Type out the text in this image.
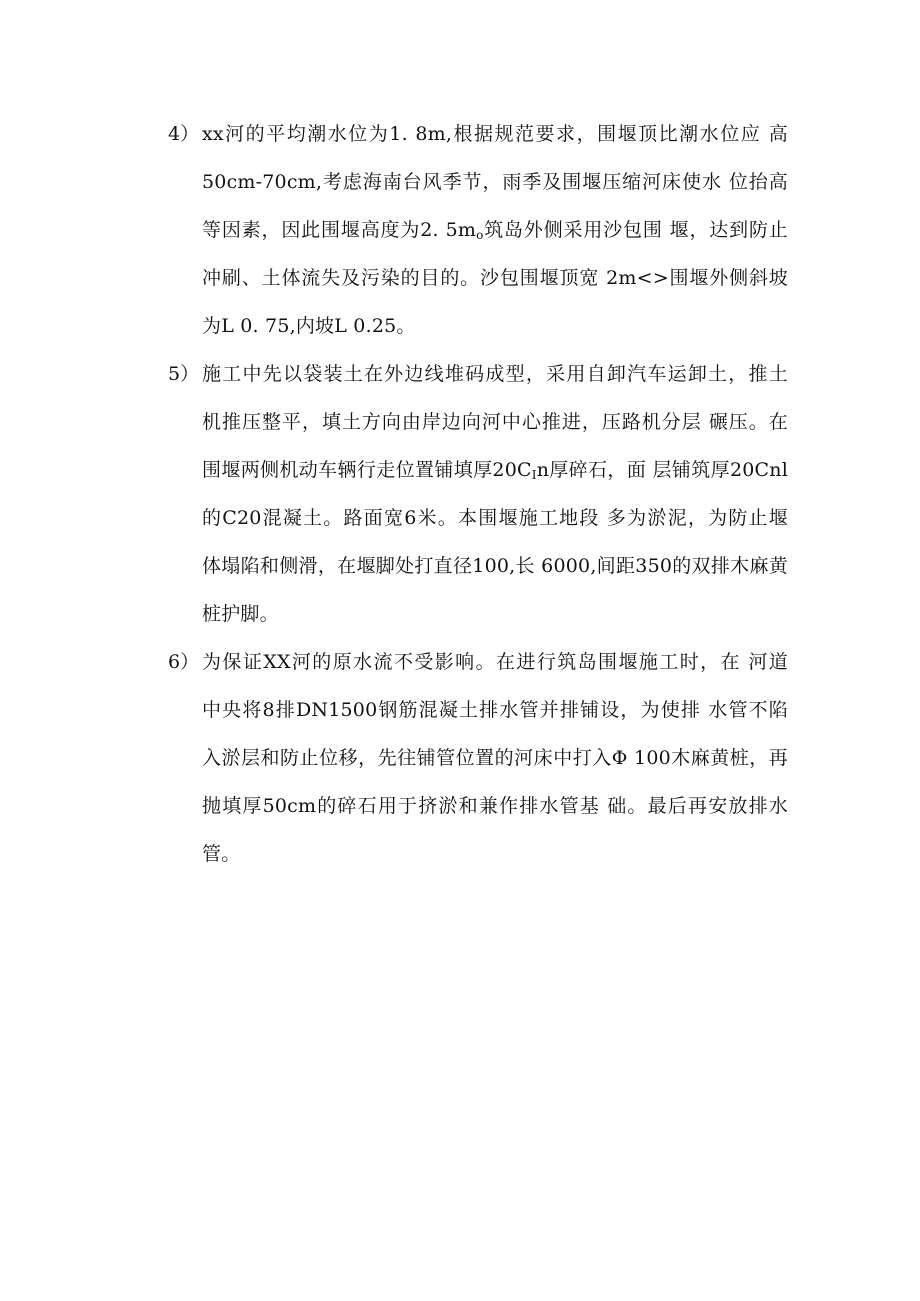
4） xx河的平均潮水位为1. 8m,根据规范要求，围堰顶比潮水位应 高
50cm-70cm,考虑海南台风季节，雨季及围堰压缩河床使水 位抬高
等因素，因此围堰高度为2. $5m_o$筑岛外侧采用沙包围 堰，达到防止
冲刷、土体流失及污染的目的。沙包围堰顶宽 2m<>围堰外侧斜坡
为L 0. 75,内坡L 0.25。
5） 施工中先以袋装土在外边线堆码成型，采用自卸汽车运卸土，推土
机推压整平，填土方向由岸边向河中心推进，压路机分层 碾压。在
围堰两侧机动车辆行走位置铺填厚$20C_In$厚碎石，面 层铺筑厚20Cnl
的C20混凝土。路面宽6米。本围堰施工地段 多为淤泥，为防止堰
体塌陷和侧滑，在堰脚处打直径100,长 6000,间距350的双排木麻黄
桩护脚。
6） 为保证XX河的原水流不受影响。在进行筑岛围堰施工时，在 河道
中央将8排DN1500钢筋混凝土排水管并排铺设，为使排 水管不陷
入淤层和防止位移，先往铺管位置的河床中打入Φ 100木麻黄桩，再
抛填厚50cm的碎石用于挤淤和兼作排水管基 础。最后再安放排水
管。
